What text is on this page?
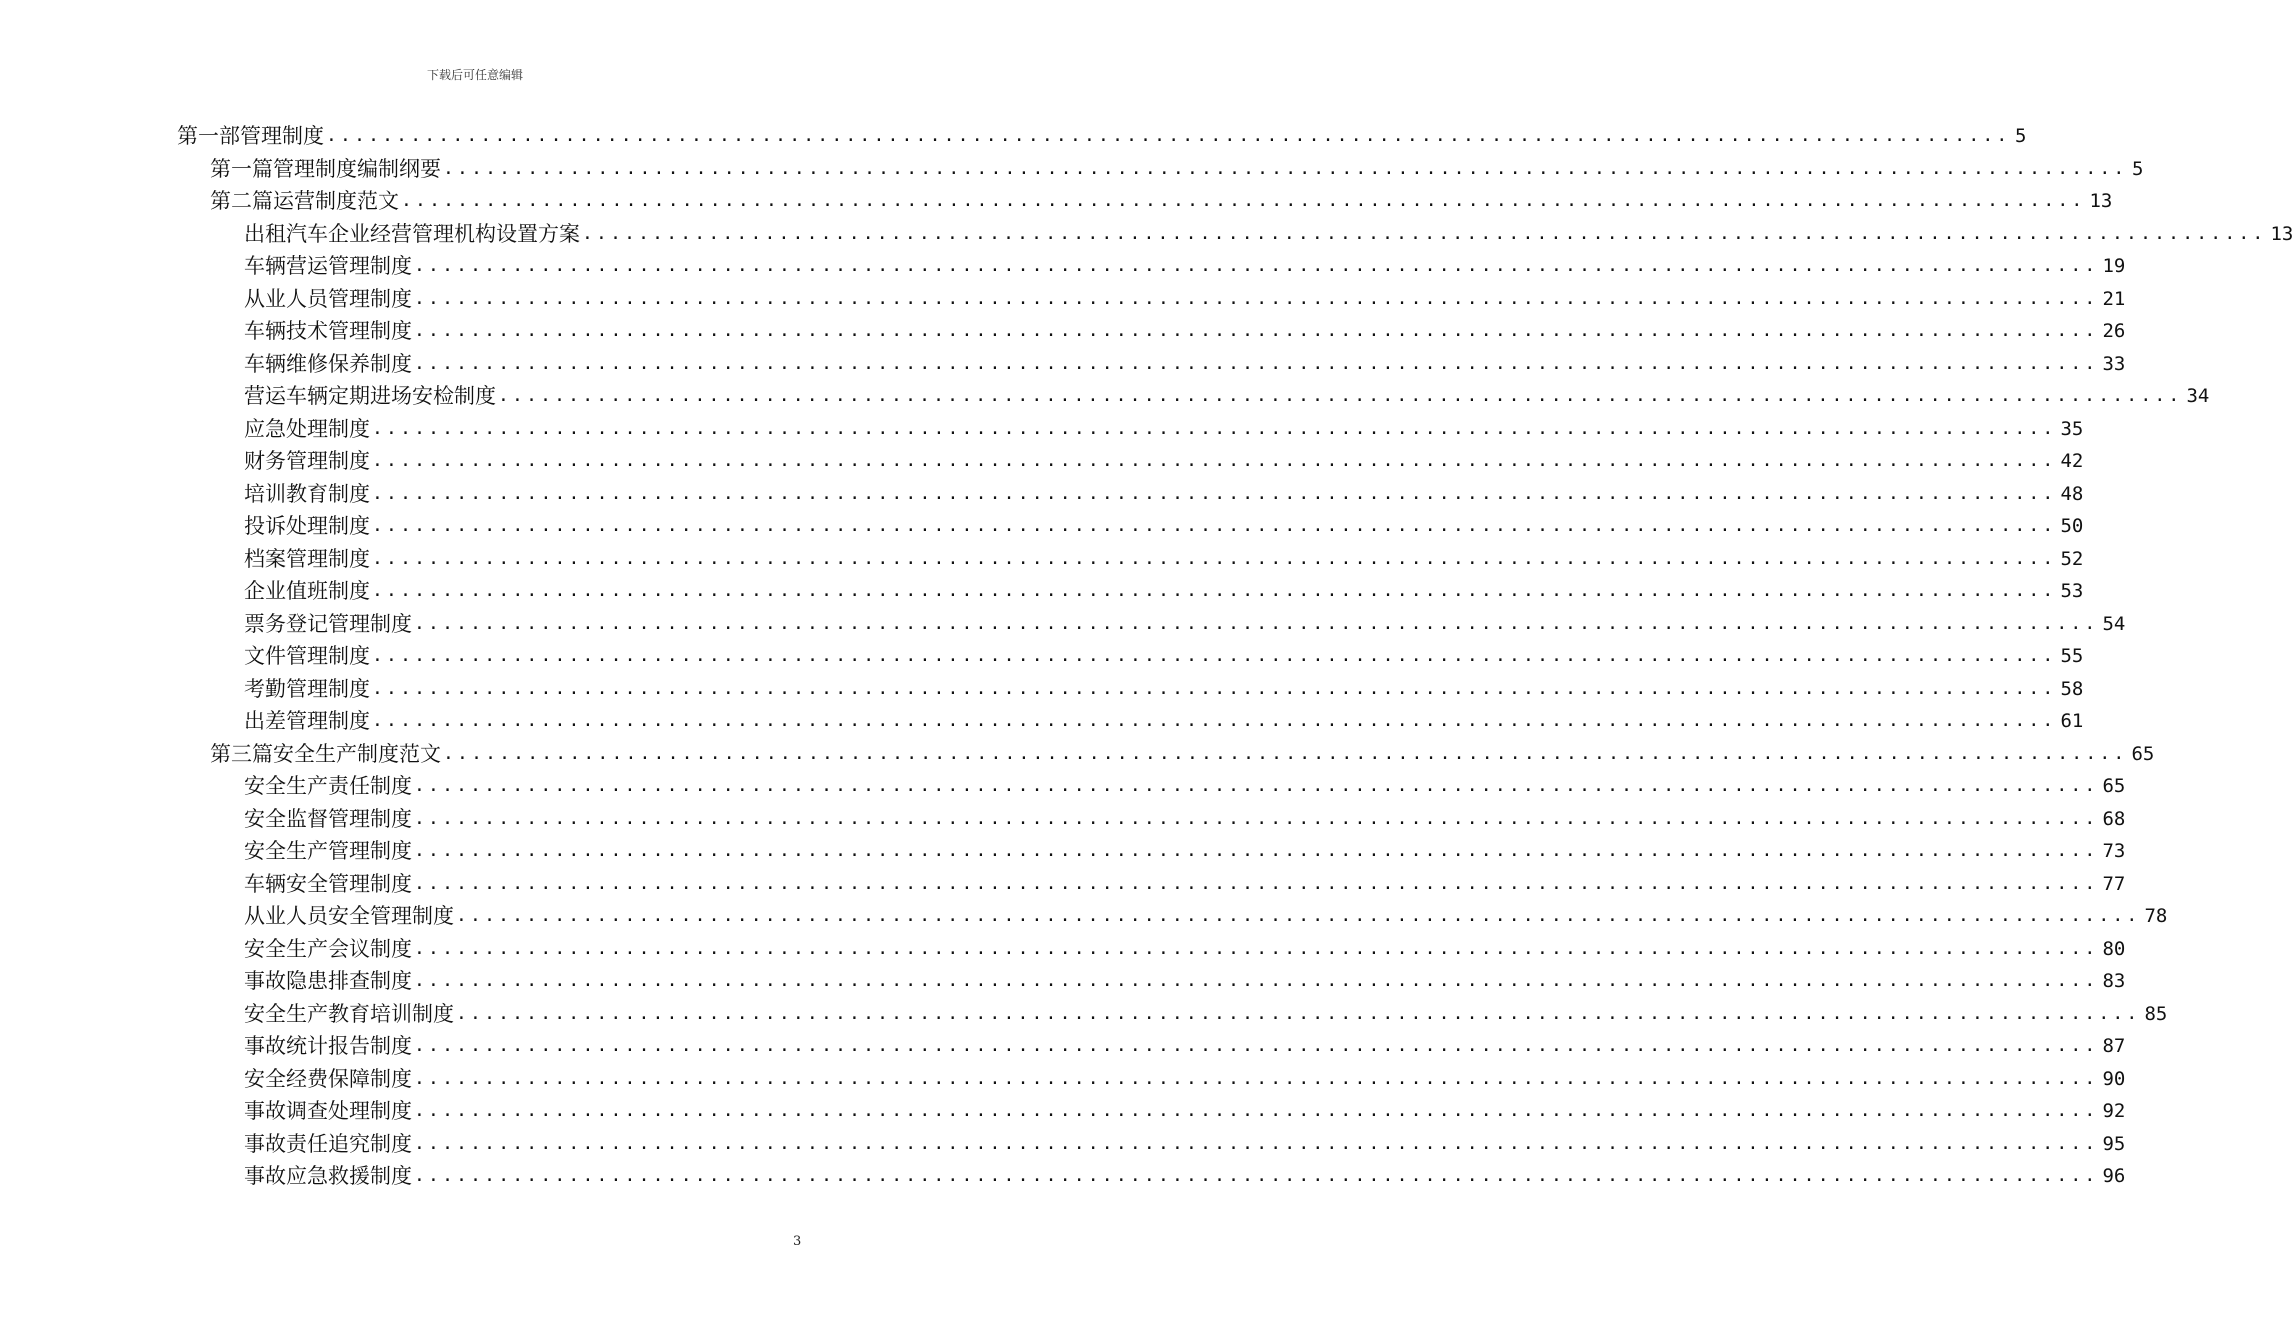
下载后可任意编辑
第一部管理制度 ........................................................................................................................ 5
第一篇管理制度编制纲要 ........................................................................................................................ 5
第二篇运营制度范文 ........................................................................................................................ 13
出租汽车企业经营管理机构设置方案 ........................................................................................................................ 13
车辆营运管理制度 ........................................................................................................................ 19
从业人员管理制度 ........................................................................................................................ 21
车辆技术管理制度 ........................................................................................................................ 26
车辆维修保养制度 ........................................................................................................................ 33
营运车辆定期进场安检制度 ........................................................................................................................ 34
应急处理制度 ........................................................................................................................ 35
财务管理制度 ........................................................................................................................ 42
培训教育制度 ........................................................................................................................ 48
投诉处理制度 ........................................................................................................................ 50
档案管理制度 ........................................................................................................................ 52
企业值班制度 ........................................................................................................................ 53
票务登记管理制度 ........................................................................................................................ 54
文件管理制度 ........................................................................................................................ 55
考勤管理制度 ........................................................................................................................ 58
出差管理制度 ........................................................................................................................ 61
第三篇安全生产制度范文 ........................................................................................................................ 65
安全生产责任制度 ........................................................................................................................ 65
安全监督管理制度 ........................................................................................................................ 68
安全生产管理制度 ........................................................................................................................ 73
车辆安全管理制度 ........................................................................................................................ 77
从业人员安全管理制度 ........................................................................................................................ 78
安全生产会议制度 ........................................................................................................................ 80
事故隐患排查制度 ........................................................................................................................ 83
安全生产教育培训制度 ........................................................................................................................ 85
事故统计报告制度 ........................................................................................................................ 87
安全经费保障制度 ........................................................................................................................ 90
事故调查处理制度 ........................................................................................................................ 92
事故责任追究制度 ........................................................................................................................ 95
事故应急救援制度 ........................................................................................................................ 96
3
